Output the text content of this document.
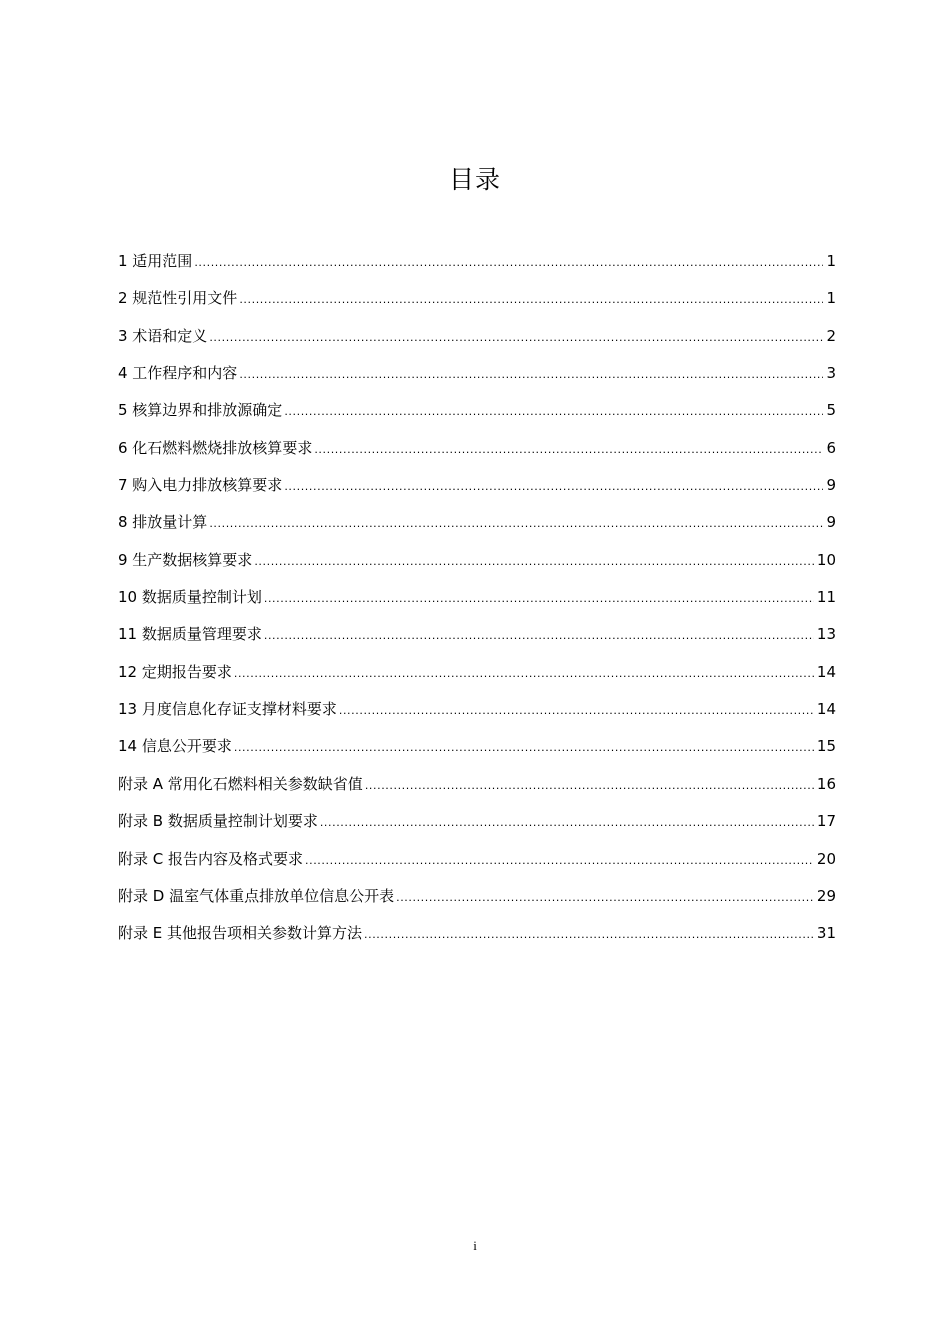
目录
1 适用范围 .....	1
2 规范性引用文件 .....	1
3 术语和定义 .....	2
4 工作程序和内容 .....	3
5 核算边界和排放源确定 .....	5
6 化石燃料燃烧排放核算要求 .....	6
7 购入电力排放核算要求 .....	9
8 排放量计算 .....	9
9 生产数据核算要求 .....	10
10 数据质量控制计划 .....	11
11 数据质量管理要求 .....	13
12 定期报告要求 .....	14
13 月度信息化存证支撑材料要求 .....	14
14 信息公开要求 .....	15
附录 A 常用化石燃料相关参数缺省值 .....	16
附录 B 数据质量控制计划要求 .....	17
附录 C 报告内容及格式要求 .....	20
附录 D 温室气体重点排放单位信息公开表 .....	29
附录 E 其他报告项相关参数计算方法 .....	31
i
